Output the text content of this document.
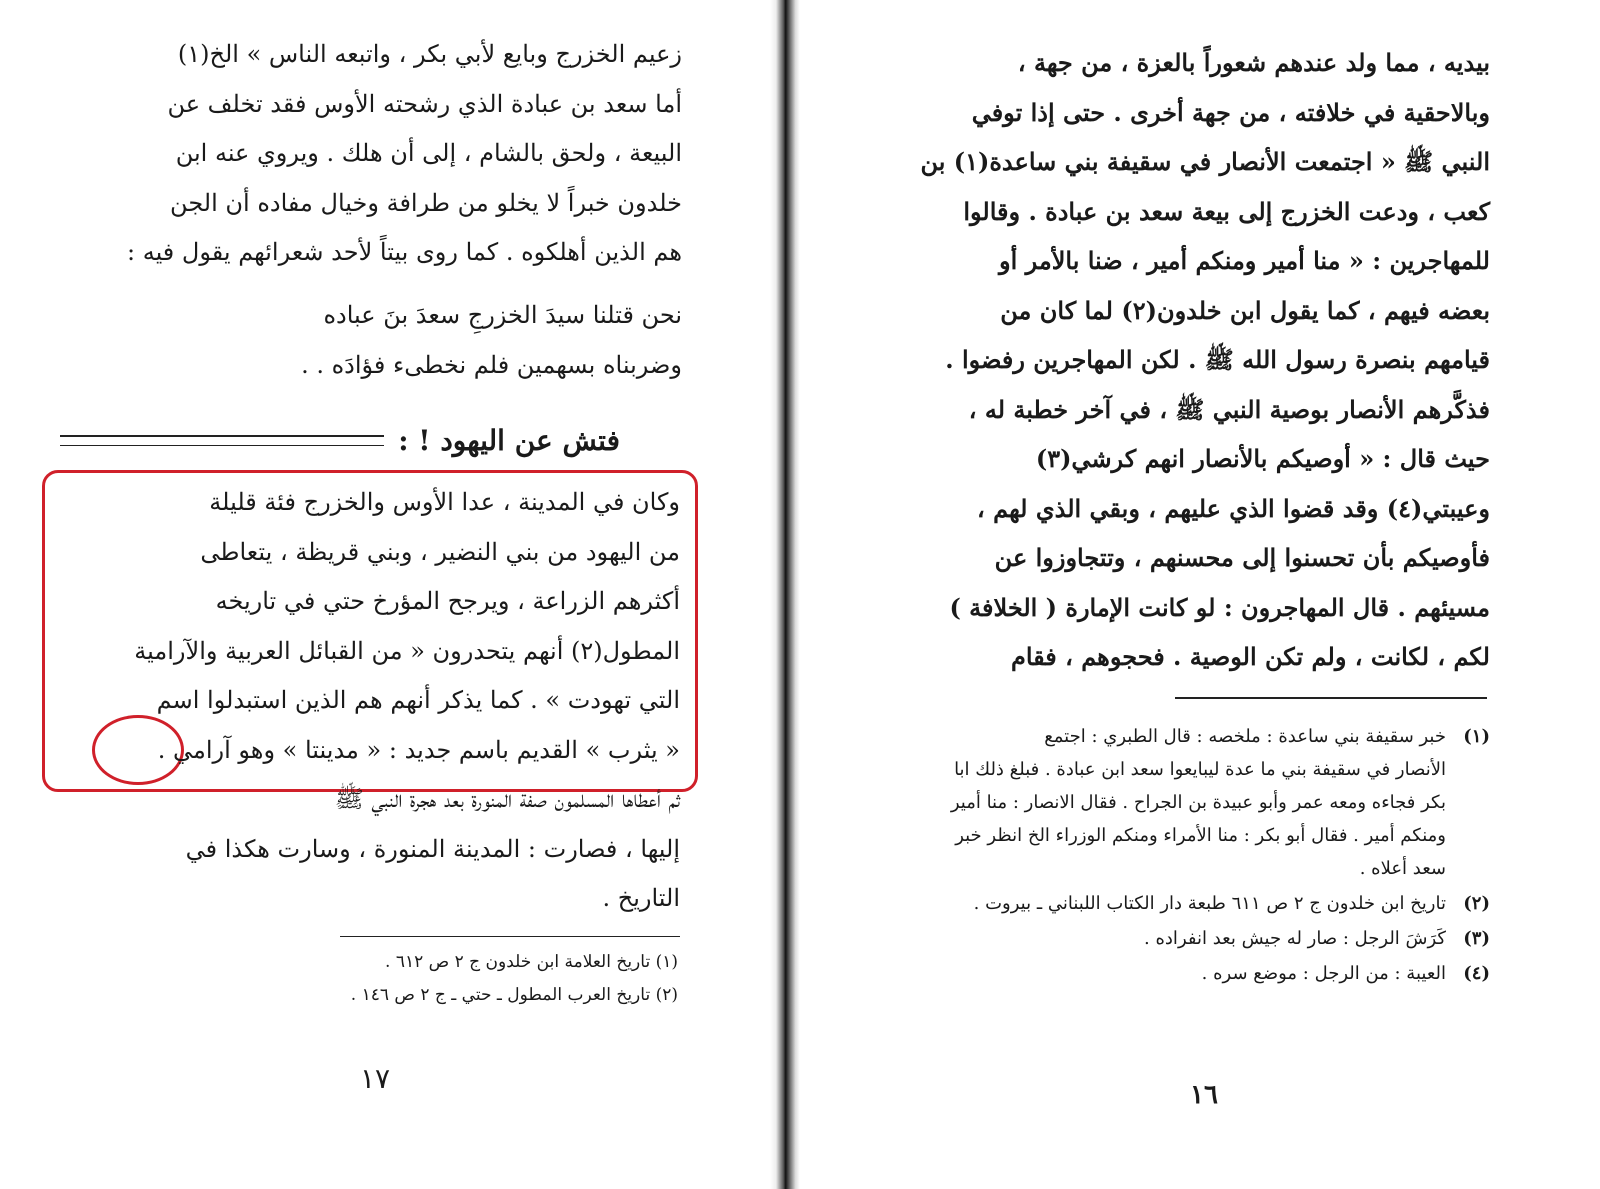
زعيم الخزرج وبايع لأبي بكر ، واتبعه الناس » الخ(١)

أما سعد بن عبادة الذي رشحته الأوس فقد تخلف عن

البيعة ، ولحق بالشام ، إلى أن هلك . ويروي عنه ابن

خلدون خبراً لا يخلو من طرافة وخيال مفاده أن الجن

هم الذين أهلكوه . كما روى بيتاً لأحد شعرائهم يقول فيه :

نحن قتلنا سيدَ الخزرجِ سعدَ بنَ عباده

وضربناه بسهمين فلم نخطىء فؤادَه . .

فتش عن اليهود ! :

وكان في المدينة ، عدا الأوس والخزرج فئة قليلة

من اليهود من بني النضير ، وبني قريظة ، يتعاطى

أكثرهم الزراعة ، ويرجح المؤرخ حتي في تاريخه

المطول(٢) أنهم يتحدرون « من القبائل العربية والآرامية

التي تهودت » . كما يذكر أنهم هم الذين استبدلوا اسم

« يثرب » القديم باسم جديد : « مدينتا » وهو آرامي .

ثم أعطاها المسلمون صفة المنورة بعد هجرة النبي ﷺ

إليها ، فصارت : المدينة المنورة ، وسارت هكذا في

التاريخ .

(١) تاريخ العلامة ابن خلدون ج ٢ ص ٦١٢ .

(٢) تاريخ العرب المطول ـ حتي ـ ج ٢ ص ١٤٦ .

١٧

بيديه ، مما ولد عندهم شعوراً بالعزة ، من جهة ،

وبالاحقية في خلافته ، من جهة أخرى . حتى إذا توفي

النبي ﷺ « اجتمعت الأنصار في سقيفة بني ساعدة(١) بن

كعب ، ودعت الخزرج إلى بيعة سعد بن عبادة . وقالوا

للمهاجرين : « منا أمير ومنكم أمير ، ضنا بالأمر أو

بعضه فيهم ، كما يقول ابن خلدون(٢) لما كان من

قيامهم بنصرة رسول الله ﷺ . لكن المهاجرين رفضوا .

فذكَّرهم الأنصار بوصية النبي ﷺ ، في آخر خطبة له ،

حيث قال : « أوصيكم بالأنصار انهم كرشي(٣)

وعيبتي(٤) وقد قضوا الذي عليهم ، وبقي الذي لهم ،

فأوصيكم بأن تحسنوا إلى محسنهم ، وتتجاوزوا عن

مسيئهم . قال المهاجرون : لو كانت الإمارة ( الخلافة )

لكم ، لكانت ، ولم تكن الوصية . فحجوهم ، فقام

(١)

خبر سقيفة بني ساعدة : ملخصه : قال الطبري : اجتمع

الأنصار في سقيفة بني ما عدة ليبايعوا سعد ابن عبادة . فبلغ ذلك ابا

بكر فجاءه ومعه عمر وأبو عبيدة بن الجراح . فقال الانصار : منا أمير

ومنكم أمير . فقال أبو بكر : منا الأمراء ومنكم الوزراء الخ انظر خبر

سعد أعلاه .

(٢)

تاريخ ابن خلدون ج ٢ ص ٦١١ طبعة دار الكتاب اللبناني ـ بيروت .

(٣)

كَرَشَ الرجل : صار له جيش بعد انفراده .

(٤)

العيبة : من الرجل : موضع سره .

١٦
